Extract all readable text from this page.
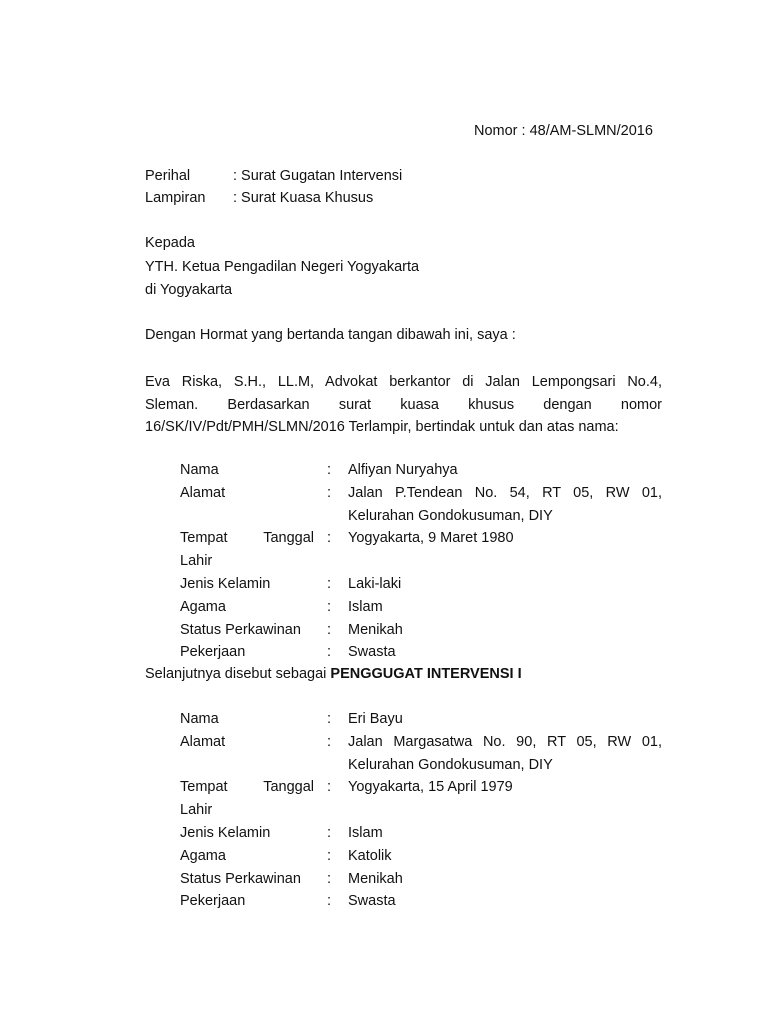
Nomor : 48/AM-SLMN/2016
Perihal	: Surat Gugatan Intervensi
Lampiran : Surat Kuasa Khusus
Kepada
YTH. Ketua Pengadilan Negeri Yogyakarta
di Yogyakarta
Dengan Hormat yang bertanda tangan dibawah ini, saya :
Eva Riska, S.H., LL.M, Advokat berkantor di Jalan Lempongsari No.4,
Sleman. Berdasarkan surat kuasa khusus dengan nomor
16/SK/IV/Pdt/PMH/SLMN/2016 Terlampir, bertindak untuk dan atas nama:
Nama	: Alfiyan Nuryahya
Alamat	: Jalan P.Tendean No. 54, RT 05, RW 01,
Kelurahan Gondokusuman, DIY
Tempat Tanggal : Yogyakarta, 9 Maret 1980
Lahir
Jenis Kelamin	: Laki-laki
Agama	: Islam
Status Perkawinan : Menikah
Pekerjaan	: Swasta
Selanjutnya disebut sebagai PENGGUGAT INTERVENSI I
Nama	: Eri Bayu
Alamat	: Jalan Margasatwa No. 90, RT 05, RW 01,
Kelurahan Gondokusuman, DIY
Tempat Tanggal : Yogyakarta, 15 April 1979
Lahir
Jenis Kelamin	: Islam
Agama	: Katolik
Status Perkawinan : Menikah
Pekerjaan	: Swasta
